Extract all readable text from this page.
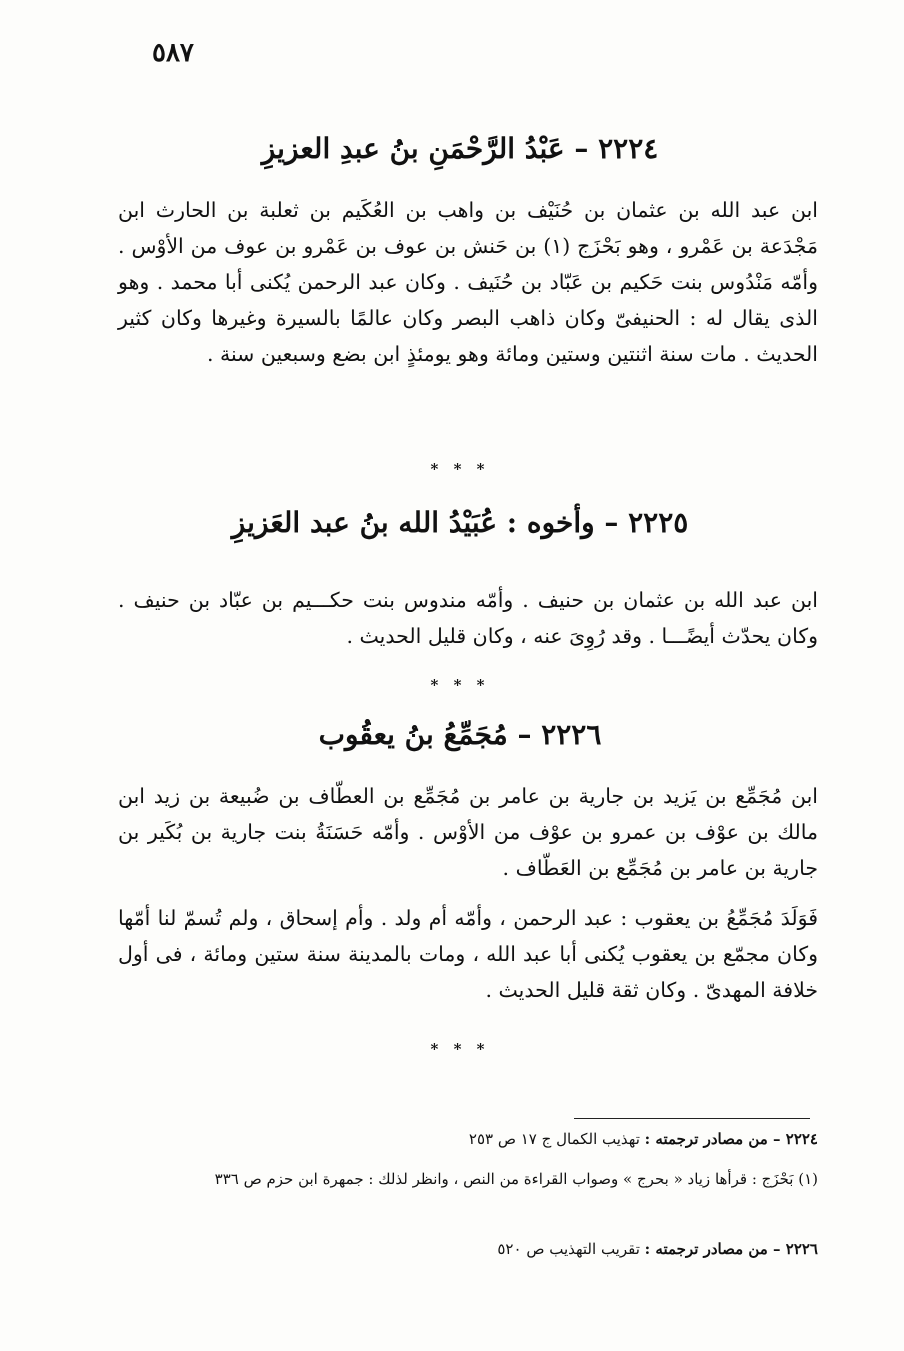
٥٨٧
٢٢٢٤ – عَبْدُ الرَّحْمَنِ بنُ عبدِ العزيزِ
ابن عبد الله بن عثمان بن حُنَيْف بن واهب بن العُكَيم بن ثعلبة بن الحارث ابن مَجْدَعة بن عَمْرو ، وهو بَحْزَج (١) بن حَنش بن عوف بن عَمْرو بن عوف من الأوْس . وأمّه مَنْدُوس بنت حَكيم بن عَبّاد بن حُنَيف . وكان عبد الرحمن يُكنى أبا محمد . وهو الذى يقال له : الحنيفىّ وكان ذاهب البصر وكان عالمًا بالسيرة وغيرها وكان كثير الحديث . مات سنة اثنتين وستين ومائة وهو يومئذٍ ابن بضع وسبعين سنة .
* * *
٢٢٢٥ – وأخوه : عُبَيْدُ الله بنُ عبد العَزيزِ
ابن عبد الله بن عثمان بن حنيف . وأمّه مندوس بنت حكـــيم بن عبّاد بن حنيف . وكان يحدّث أيضًـــا . وقد رُوِىَ عنه ، وكان قليل الحديث .
* * *
٢٢٢٦ – مُجَمِّعُ بنُ يعقُوب
ابن مُجَمِّع بن يَزيد بن جارية بن عامر بن مُجَمِّع بن العطّاف بن ضُبيعة بن زيد ابن مالك بن عوْف بن عمرو بن عوْف من الأوْس . وأمّه حَسَنَةُ بنت جارية بن بُكَير بن جارية بن عامر بن مُجَمِّع بن العَطّاف .
فَوَلَدَ مُجَمِّعُ بن يعقوب : عبد الرحمن ، وأمّه أم ولد . وأم إسحاق ، ولم تُسمّ لنا أمّها وكان مجمّع بن يعقوب يُكنى أبا عبد الله ، ومات بالمدينة سنة ستين ومائة ، فى أول خلافة المهدىّ . وكان ثقة قليل الحديث .
* * *
٢٢٢٤ – من مصادر ترجمته : تهذيب الكمال ج ١٧ ص ٢٥٣
(١) بَحْزَج : قرأها زياد « بحرج » وصواب القراءة من النص ، وانظر لذلك : جمهرة ابن حزم ص ٣٣٦
٢٢٢٦ – من مصادر ترجمته : تقريب التهذيب ص ٥٢٠
